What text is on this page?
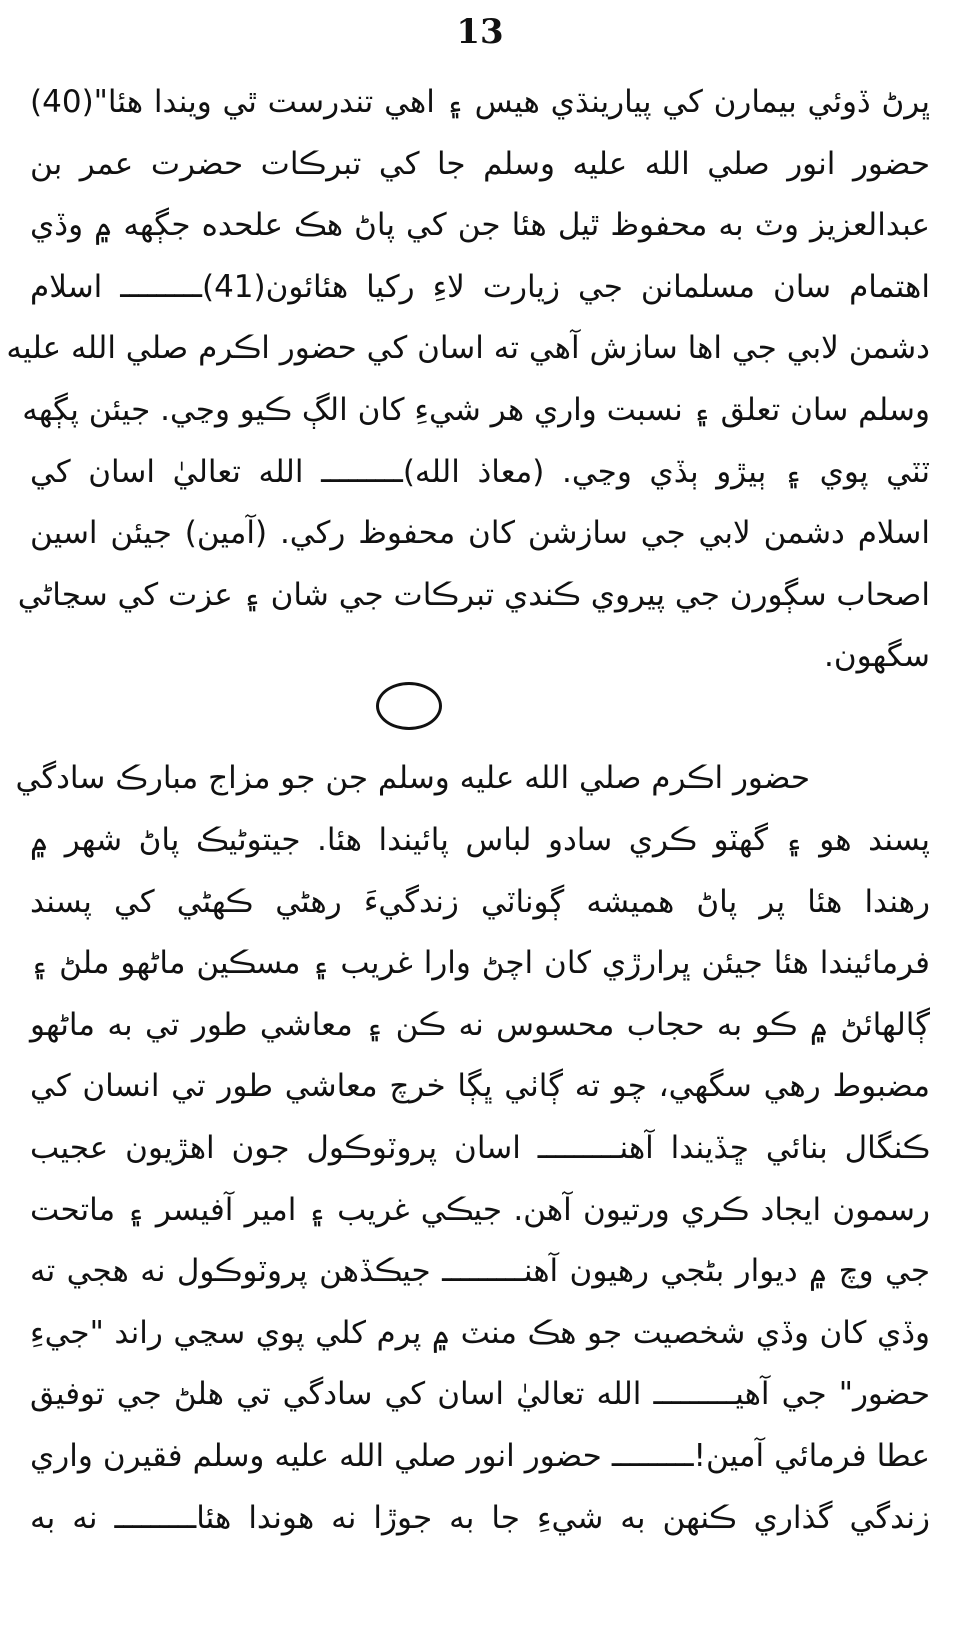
13
ڀرڻ ڏوئي بيمارن کي پيارينڌي هيس ۽ اهي تندرست ٿي ويندا هئا"(40)
حضور انور صلي الله عليه وسلم جا کي تبرڪات حضرت عمر بن
عبدالعزيز وٽ به محفوظ ٿيل هئا جن کي پاڻ هڪ علحده جڳهه ۾ وڏي
اهتمام سان مسلمانن جي زيارت لاءِ رکيا هئائون(41)ـــــــــ اسلام
دشمن لابي جي اها سازش آهي ته اسان کي حضور اڪرم صلي الله عليه
وسلم سان تعلق ۽ نسبت واري هر شيءِ کان الڳ ڪيو وڃي. جيئن پڳهه
ٽٽي پوي ۽ ٻيڙو ٻڏي وڃي. (معاذ الله)ـــــــــ الله تعاليٰ اسان کي
اسلام دشمن لابي جي سازشن کان محفوظ رکي. (آمين) جيئن اسين
اصحاب سڳورن جي پيروي ڪندي تبرڪات جي شان ۽ عزت کي سڃاڻي
سگهون.
حضور اڪرم صلي الله عليه وسلم جن جو مزاج مبارڪ سادگي
پسند هو ۽ گهٽو ڪري سادو لباس پائيندا هئا. جيتوڻيڪ پاڻ شهر ۾
رهندا هئا پر پاڻ هميشه ڳوناٽي زندگيءَ رهڻي ڪهڻي کي پسند
فرمائيندا هئا جيئن ڀرارڙي کان اچڻ وارا غريب ۽ مسڪين ماڻهو ملڻ ۽
ڳالهائڻ ۾ ڪو به حجاب محسوس نه ڪن ۽ معاشي طور تي به ماڻهو
مضبوط رهي سگهي، چو ته ڳاٺي ڀڳا خرچ معاشي طور تي انسان کي
ڪنگال بنائي ڇڏيندا آهنـــــــــ اسان پروٽوڪول جون اهڙيون عجيب
رسمون ايجاد ڪري ورتيون آهن. جيڪي غريب ۽ امير آفيسر ۽ ماتحت
جي وچ ۾ ديوار بڻجي رهيون آهنـــــــــ جيڪڏهن پروٽوڪول نه هجي ته
وڏي کان وڏي شخصيت جو هڪ منٽ ۾ پرم کلي پوي سڃي راند "جيءِ
حضور" جي آهيـــــــــ الله تعاليٰ اسان کي سادگي تي هلڻ جي توفيق
عطا فرمائي آمين!ـــــــــ حضور انور صلي الله عليه وسلم فقيرن واري
زندگي گذاري ڪنهن به شيءِ جا به جوڙا نه هوندا هئاـــــــــ نه به
